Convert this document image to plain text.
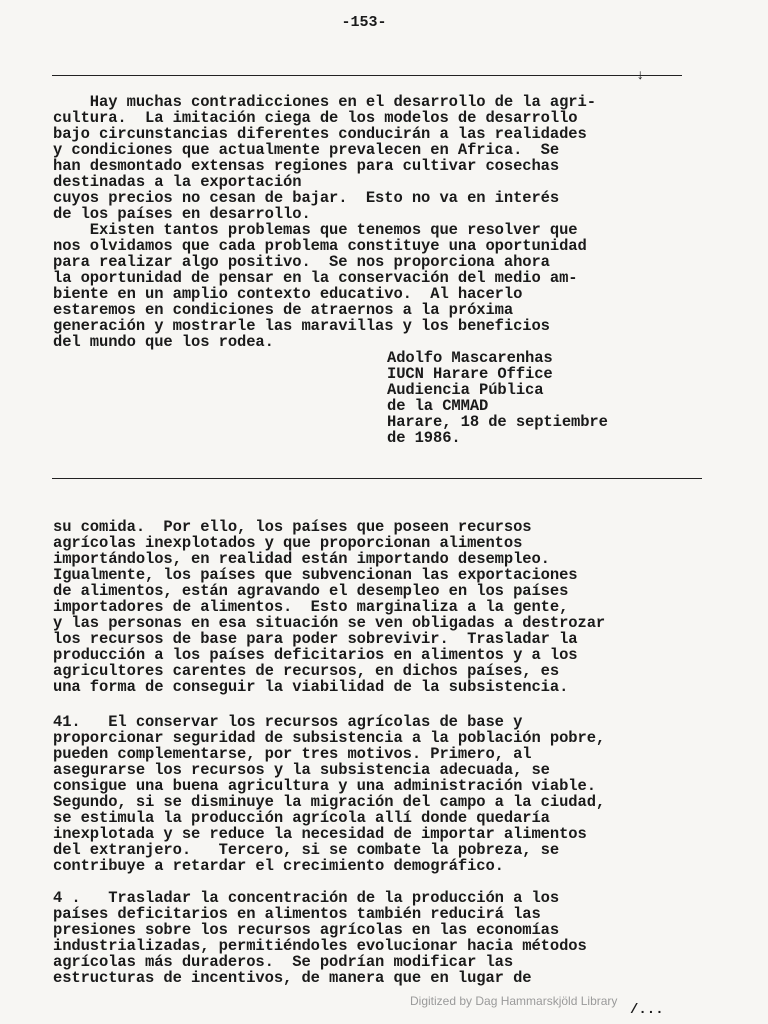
-153-
↓
Hay muchas contradicciones en el desarrollo de la agri-
cultura.  La imitación ciega de los modelos de desarrollo
bajo circunstancias diferentes conducirán a las realidades
y condiciones que actualmente prevalecen en Africa.  Se
han desmontado extensas regiones para cultivar cosechas
destinadas a la exportación
cuyos precios no cesan de bajar.  Esto no va en interés
de los países en desarrollo.
Existen tantos problemas que tenemos que resolver que
nos olvidamos que cada problema constituye una oportunidad
para realizar algo positivo.  Se nos proporciona ahora
la oportunidad de pensar en la conservación del medio am-
biente en un amplio contexto educativo.  Al hacerlo
estaremos en condiciones de atraernos a la próxima
generación y mostrarle las maravillas y los beneficios
del mundo que los rodea.
Adolfo Mascarenhas
IUCN Harare Office
Audiencia Pública
de la CMMAD
Harare, 18 de septiembre
de 1986.
su comida.  Por ello, los países que poseen recursos
agrícolas inexplotados y que proporcionan alimentos
importándolos, en realidad están importando desempleo.
Igualmente, los países que subvencionan las exportaciones
de alimentos, están agravando el desempleo en los países
importadores de alimentos.  Esto marginaliza a la gente,
y las personas en esa situación se ven obligadas a destrozar
los recursos de base para poder sobrevivir.  Trasladar la
producción a los países deficitarios en alimentos y a los
agricultores carentes de recursos, en dichos países, es
una forma de conseguir la viabilidad de la subsistencia.
41.   El conservar los recursos agrícolas de base y
proporcionar seguridad de subsistencia a la población pobre,
pueden complementarse, por tres motivos. Primero, al
asegurarse los recursos y la subsistencia adecuada, se
consigue una buena agricultura y una administración viable.
Segundo, si se disminuye la migración del campo a la ciudad,
se estimula la producción agrícola allí donde quedaría
inexplotada y se reduce la necesidad de importar alimentos
del extranjero.   Tercero, si se combate la pobreza, se
contribuye a retardar el crecimiento demográfico.
4 .   Trasladar la concentración de la producción a los
países deficitarios en alimentos también reducirá las
presiones sobre los recursos agrícolas en las economías
industrializadas, permitiéndoles evolucionar hacia métodos
agrícolas más duraderos.  Se podrían modificar las
estructuras de incentivos, de manera que en lugar de
Digitized by Dag Hammarskjöld Library
/...
